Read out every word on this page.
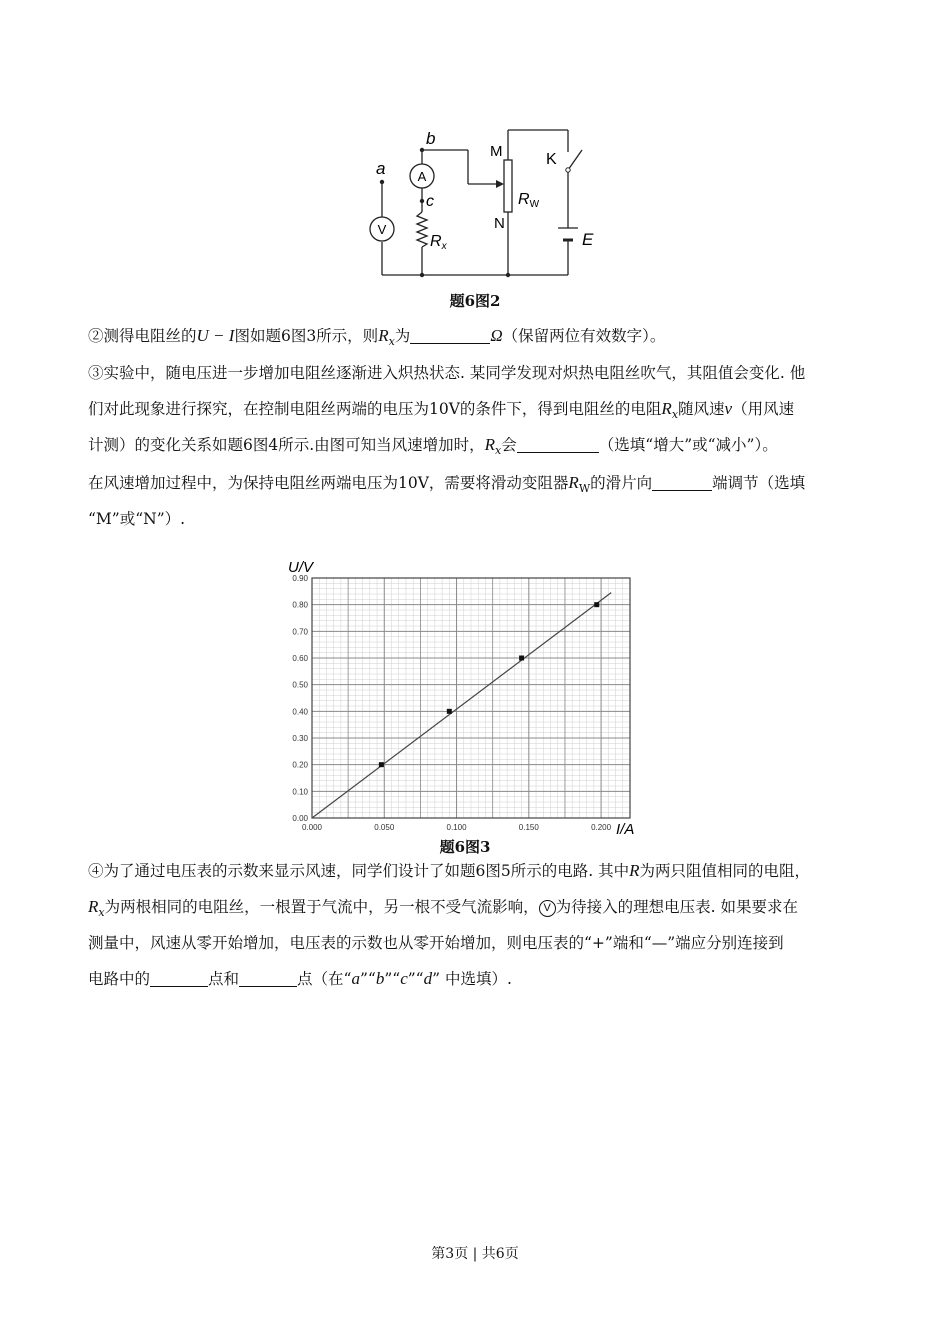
A
V
a
b
c
M
N
K
E
RW
Rx
题6图2
②测得电阻丝的U − I图如题6图3所示，则$R_x$为	Ω（保留两位有效数字）。
③实验中，随电压进一步增加电阻丝逐渐进入炽热状态. 某同学发现对炽热电阻丝吹气，其阻值会变化. 他
们对此现象进行探究，在控制电阻丝两端的电压为10V的条件下，得到电阻丝的电阻$R_x$随风速v（用风速
计测）的变化关系如题6图4所示.由图可知当风速增加时，$R_x$会	（选填“增大”或“减小”）。
在风速增加过程中，为保持电阻丝两端电压为10V，需要将滑动变阻器$R_W$的滑片向	端调节（选填
“M”或“N”）.
0.000	0.050	0.100	0.150	0.200
0.00
0.10
0.20
0.30
0.40
0.50
0.60
0.70
0.80
0.90
U/V
I/A
题6图3
④为了通过电压表的示数来显示风速，同学们设计了如题6图5所示的电路. 其中R为两只阻值相同的电阻，
$R_x$为两根相同的电阻丝，一根置于气流中，另一根不受气流影响， V 为待接入的理想电压表. 如果要求在
测量中，风速从零开始增加，电压表的示数也从零开始增加，则电压表的“+”端和“—”端应分别连接到
电路中的	点和	点（在“a”“b”“c”“d” 中选填）.
第3页 | 共6页
